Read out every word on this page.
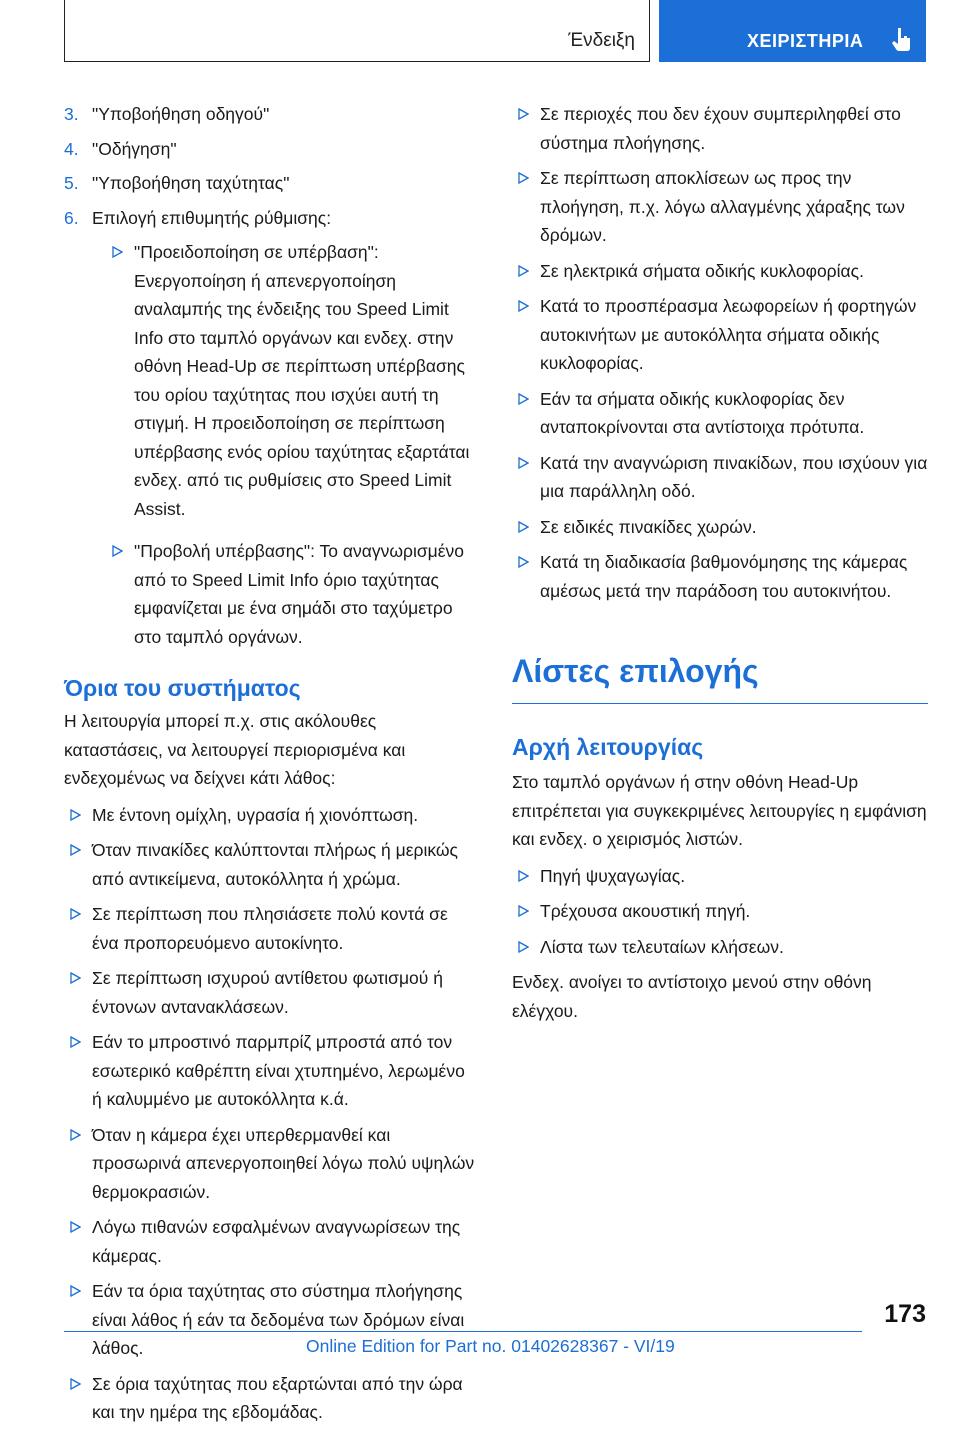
Ένδειξη	ΧΕΙΡΙΣΤΗΡΙΑ
3. "Υποβοήθηση οδηγού"
4. "Οδήγηση"
5. "Υποβοήθηση ταχύτητας"
6. Επιλογή επιθυμητής ρύθμισης:
"Προειδοποίηση σε υπέρβαση": Ενεργοποίηση ή απενεργοποίηση αναλαμπής της ένδειξης του Speed Limit Info στο ταμπλό οργάνων και ενδεχ. στην οθόνη Head-Up σε περίπτωση υπέρβασης του ορίου ταχύτητας που ισχύει αυτή τη στιγμή. Η προειδοποίηση σε περίπτωση υπέρβασης ενός ορίου ταχύτητας εξαρτάται ενδεχ. από τις ρυθμίσεις στο Speed Limit Assist.
"Προβολή υπέρβασης": Το αναγνωρισμένο από το Speed Limit Info όριο ταχύτητας εμφανίζεται με ένα σημάδι στο ταχύμετρο στο ταμπλό οργάνων.
Όρια του συστήματος

Η λειτουργία μπορεί π.χ. στις ακόλουθες καταστάσεις, να λειτουργεί περιορισμένα και ενδεχομένως να δείχνει κάτι λάθος:

Με έντονη ομίχλη, υγρασία ή χιονόπτωση.
Όταν πινακίδες καλύπτονται πλήρως ή μερικώς από αντικείμενα, αυτοκόλλητα ή χρώμα.
Σε περίπτωση που πλησιάσετε πολύ κοντά σε ένα προπορευόμενο αυτοκίνητο.
Σε περίπτωση ισχυρού αντίθετου φωτισμού ή έντονων αντανακλάσεων.
Εάν το μπροστινό παρμπρίζ μπροστά από τον εσωτερικό καθρέπτη είναι χτυπημένο, λερωμένο ή καλυμμένο με αυτοκόλλητα κ.ά.
Όταν η κάμερα έχει υπερθερμανθεί και προσωρινά απενεργοποιηθεί λόγω πολύ υψηλών θερμοκρασιών.
Λόγω πιθανών εσφαλμένων αναγνωρίσεων της κάμερας.
Εάν τα όρια ταχύτητας στο σύστημα πλοήγησης είναι λάθος ή εάν τα δεδομένα των δρόμων είναι λάθος.
Σε όρια ταχύτητας που εξαρτώνται από την ώρα και την ημέρα της εβδομάδας.
Σε περιοχές που δεν έχουν συμπεριληφθεί στο σύστημα πλοήγησης.
Σε περίπτωση αποκλίσεων ως προς την πλοήγηση, π.χ. λόγω αλλαγμένης χάραξης των δρόμων.
Σε ηλεκτρικά σήματα οδικής κυκλοφορίας.
Κατά το προσπέρασμα λεωφορείων ή φορτηγών αυτοκινήτων με αυτοκόλλητα σήματα οδικής κυκλοφορίας.
Εάν τα σήματα οδικής κυκλοφορίας δεν ανταποκρίνονται στα αντίστοιχα πρότυπα.
Κατά την αναγνώριση πινακίδων, που ισχύουν για μια παράλληλη οδό.
Σε ειδικές πινακίδες χωρών.
Κατά τη διαδικασία βαθμονόμησης της κάμερας αμέσως μετά την παράδοση του αυτοκινήτου.
Λίστες επιλογής
Αρχή λειτουργίας

Στο ταμπλό οργάνων ή στην οθόνη Head-Up επιτρέπεται για συγκεκριμένες λειτουργίες η εμφάνιση και ενδεχ. ο χειρισμός λιστών.

Πηγή ψυχαγωγίας.
Τρέχουσα ακουστική πηγή.
Λίστα των τελευταίων κλήσεων.

Ενδεχ. ανοίγει το αντίστοιχο μενού στην οθόνη ελέγχου.

173
Online Edition for Part no. 01402628367 - VI/19
